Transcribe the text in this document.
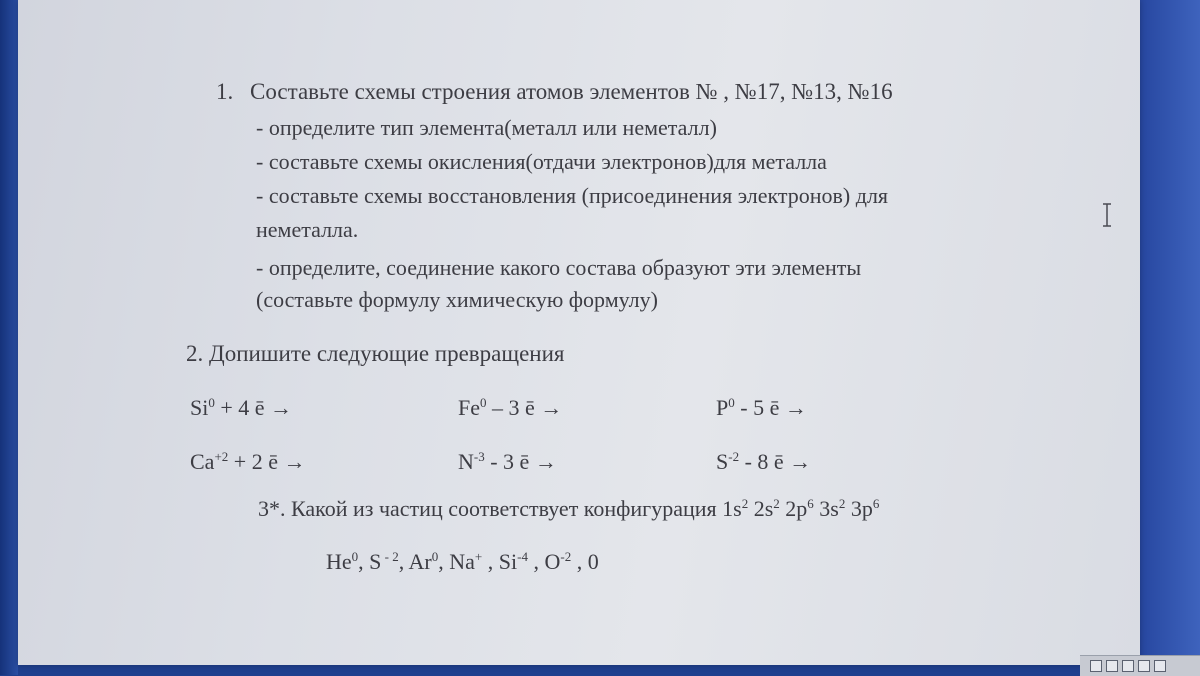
1. Составьте схемы строения атомов элементов № , №17, №13, №16
- определите тип элемента(металл или неметалл)
- составьте схемы окисления(отдачи электронов)для металла
- составьте схемы восстановления (присоединения электронов) для
неметалла.
- определите, соединение какого состава образуют эти элементы
(составьте формулу химическую формулу)
2. Допишите следующие превращения
$Si^0 + 4$ ē →	$Fe^0 - 3$ ē →	$P^0 - 5$ ē →
$Ca^{+2} + 2$ ē →	$N^{-3} - 3$ ē →	$S^{-2} - 8$ ē →
3*. Какой из частиц соответствует конфигурация $1s^2$ $2s^2$ $2p^6$ $3s^2$ $3p^6$
He$^0$, S $^{- 2}$, Ar$^0$, Na+ , $Si^{-4}$ , $O^{-2}$ , 0
